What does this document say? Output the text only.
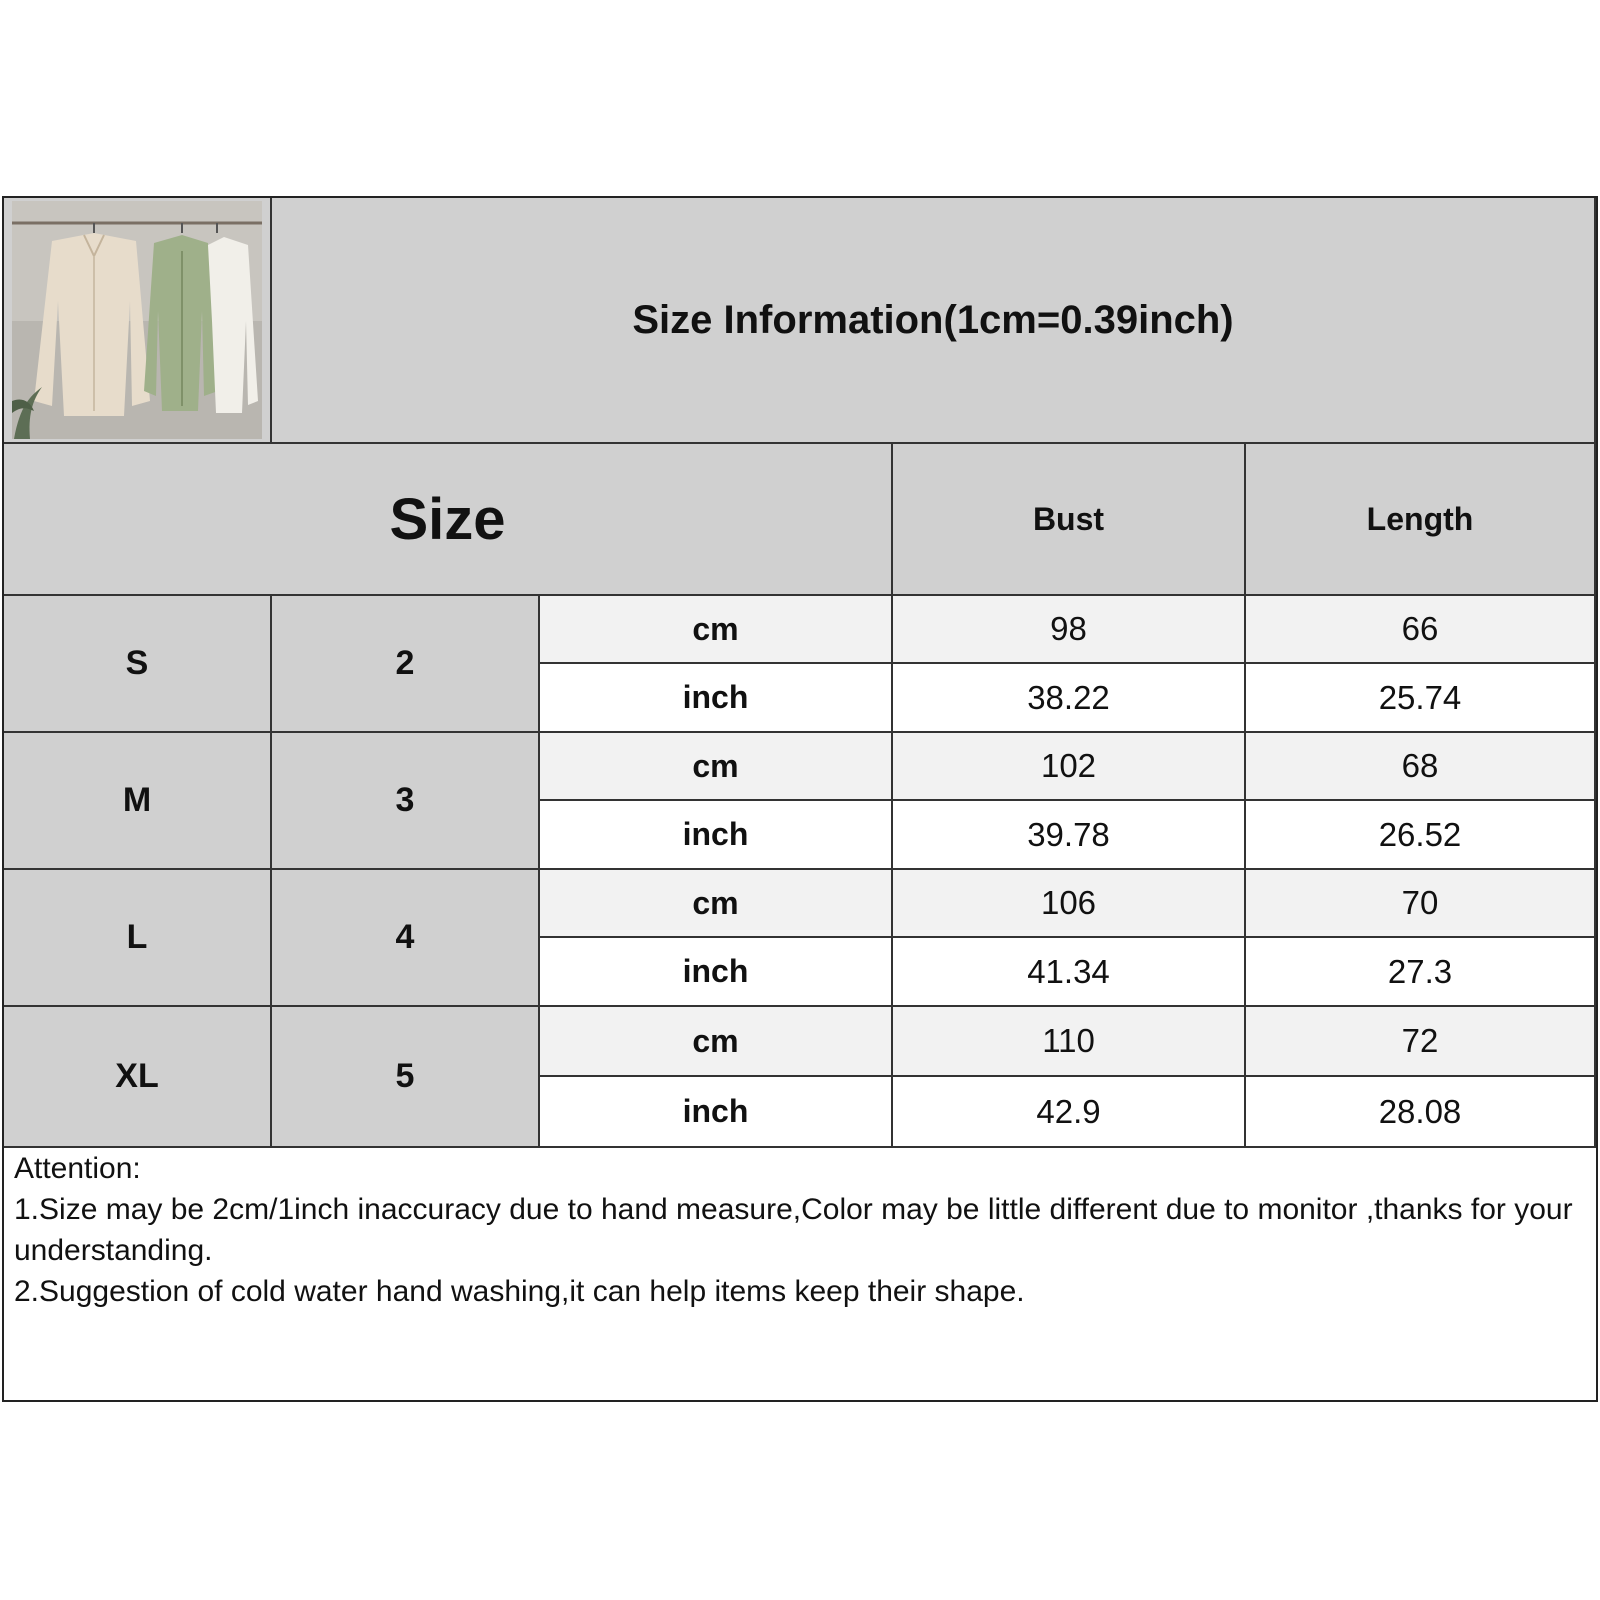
Size Information(1cm=0.39inch)
Size	Bust	Length
S	2
cm	98	66
inch	38.22	25.74
M	3
cm	102	68
inch	39.78	26.52
L	4
cm	106	70
inch	41.34	27.3
XL	5
cm	110	72
inch	42.9	28.08
Attention:
1.Size may be 2cm/1inch inaccuracy due to hand measure,Color may be little different due to monitor ,thanks for your understanding.
2.Suggestion of cold water hand washing,it can help items keep their shape.
